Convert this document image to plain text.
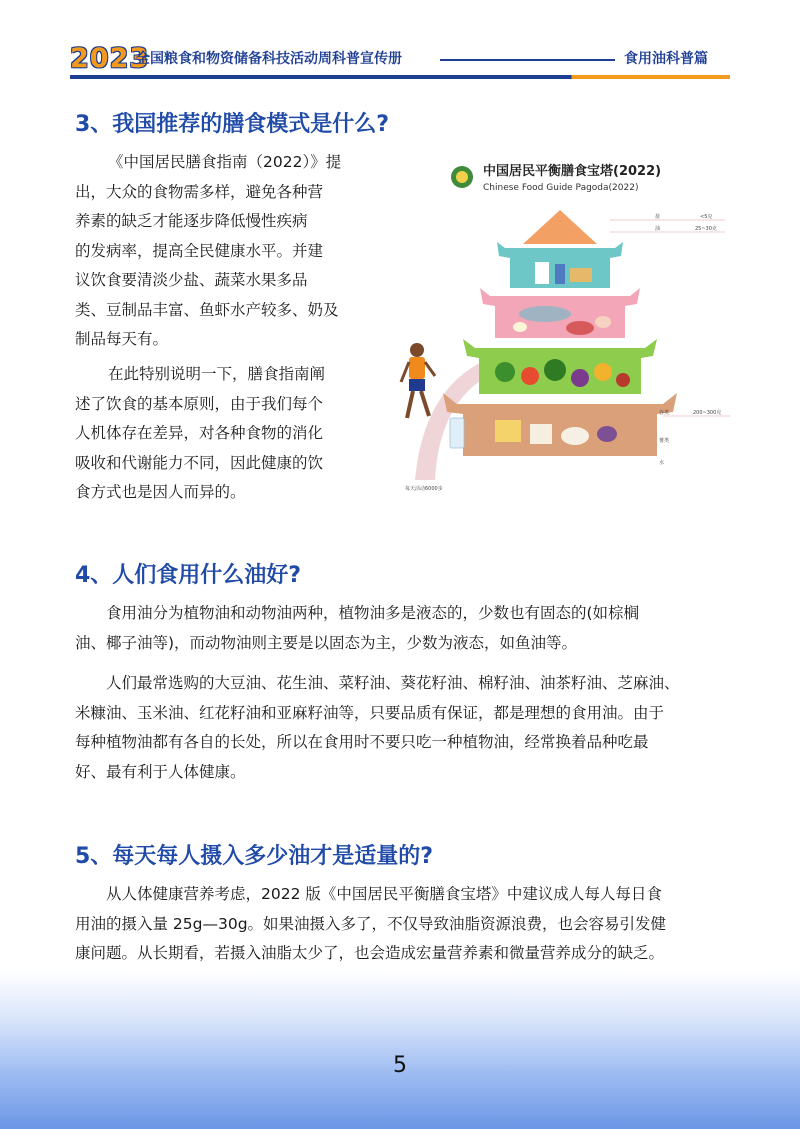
2023
全国粮食和物资储备科技活动周科普宣传册	食用油科普篇
3、我国推荐的膳食模式是什么?

《中国居民膳食指南（2022）》提
出，大众的食物需多样，避免各种营
养素的缺乏才能逐步降低慢性疾病
的发病率，提高全民健康水平。并建
议饮食要清淡少盐、蔬菜水果多品
类、豆制品丰富、鱼虾水产较多、奶及
制品每天有。

在此特别说明一下，膳食指南阐
述了饮食的基本原则，由于我们每个
人机体存在差异，对各种食物的消化
吸收和代谢能力不同，因此健康的饮
食方式也是因人而异的。

中国居民平衡膳食宝塔(2022)
Chinese Food Guide Pagoda(2022)
盐	<5克
油	25~30克
谷类	200~300克
薯类
水
每天活动6000步
4、人们食用什么油好?

食用油分为植物油和动物油两种，植物油多是液态的，少数也有固态的(如棕榈
油、椰子油等)，而动物油则主要是以固态为主，少数为液态，如鱼油等。

人们最常选购的大豆油、花生油、菜籽油、葵花籽油、棉籽油、油茶籽油、芝麻油、
米糠油、玉米油、红花籽油和亚麻籽油等，只要品质有保证，都是理想的食用油。由于
每种植物油都有各自的长处，所以在食用时不要只吃一种植物油，经常换着品种吃最
好、最有利于人体健康。

5、每天每人摄入多少油才是适量的?

从人体健康营养考虑，2022 版《中国居民平衡膳食宝塔》中建议成人每人每日食
用油的摄入量 25g—30g。如果油摄入多了，不仅导致油脂资源浪费，也会容易引发健
康问题。从长期看，若摄入油脂太少了，也会造成宏量营养素和微量营养成分的缺乏。

5
